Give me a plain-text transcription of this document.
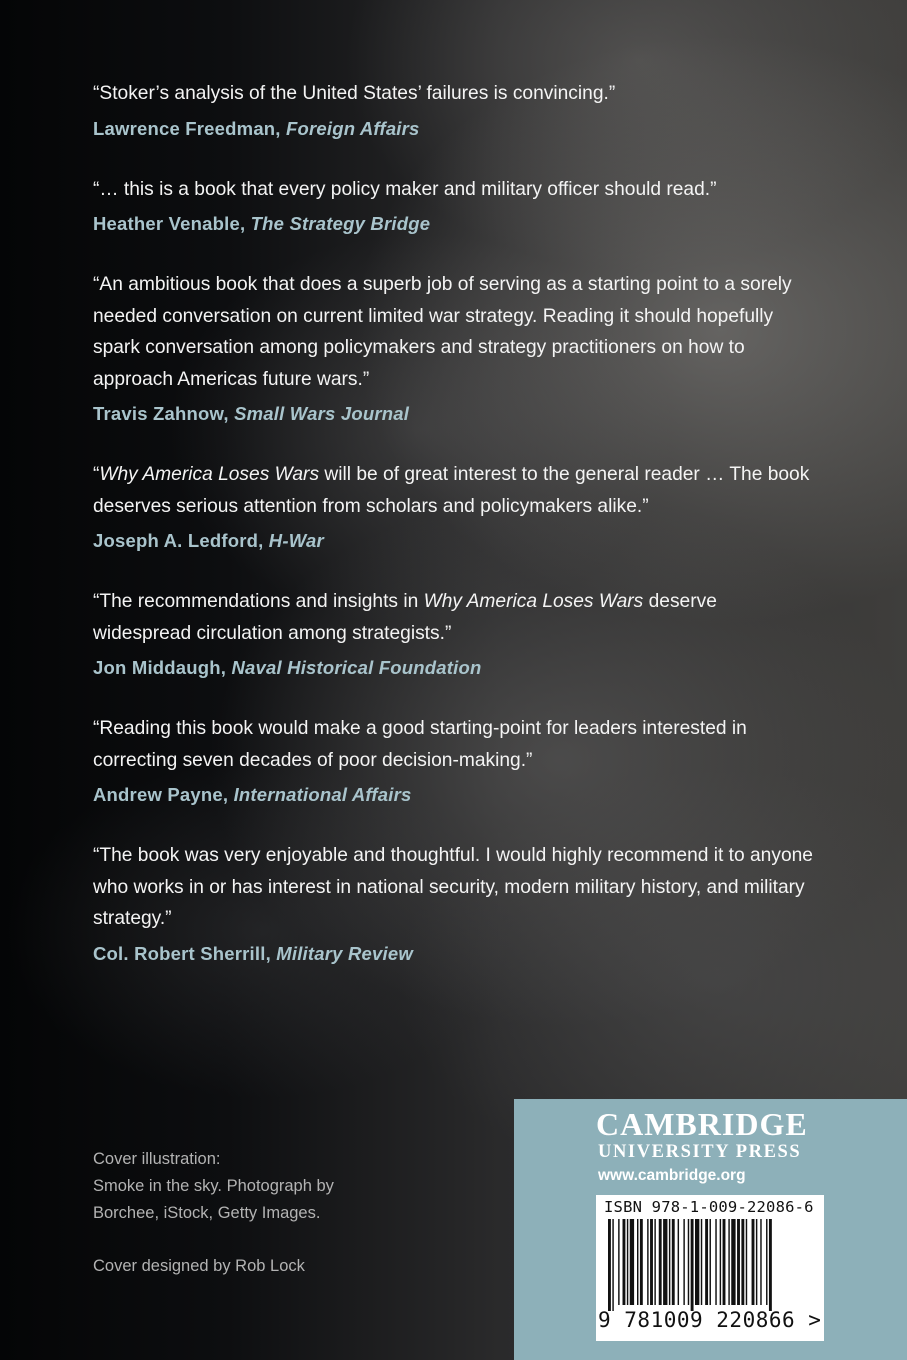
“Stoker’s analysis of the United States’ failures is convincing.”

Lawrence Freedman, Foreign Affairs

“… this is a book that every policy maker and military officer should read.”

Heather Venable, The Strategy Bridge

“An ambitious book that does a superb job of serving as a starting point to a sorely needed conversation on current limited war strategy. Reading it should hopefully spark conversation among policymakers and strategy practitioners on how to approach Americas future wars.”

Travis Zahnow, Small Wars Journal

“Why America Loses Wars will be of great interest to the general reader … The book deserves serious attention from scholars and policymakers alike.”

Joseph A. Ledford, H-War

“The recommendations and insights in Why America Loses Wars deserve widespread circulation among strategists.”

Jon Middaugh, Naval Historical Foundation

“Reading this book would make a good starting-point for leaders interested in correcting seven decades of poor decision-making.”

Andrew Payne, International Affairs

“The book was very enjoyable and thoughtful. I would highly recommend it to anyone who works in or has interest in national security, modern military history, and military strategy.”

Col. Robert Sherrill, Military Review

Cover illustration:

Smoke in the sky. Photograph by

Borchee, iStock, Getty Images.

Cover designed by Rob Lock

CAMBRIDGE
UNIVERSITY PRESS
www.cambridge.org
ISBN 978-1-009-22086-6
9 781009 220866 >
